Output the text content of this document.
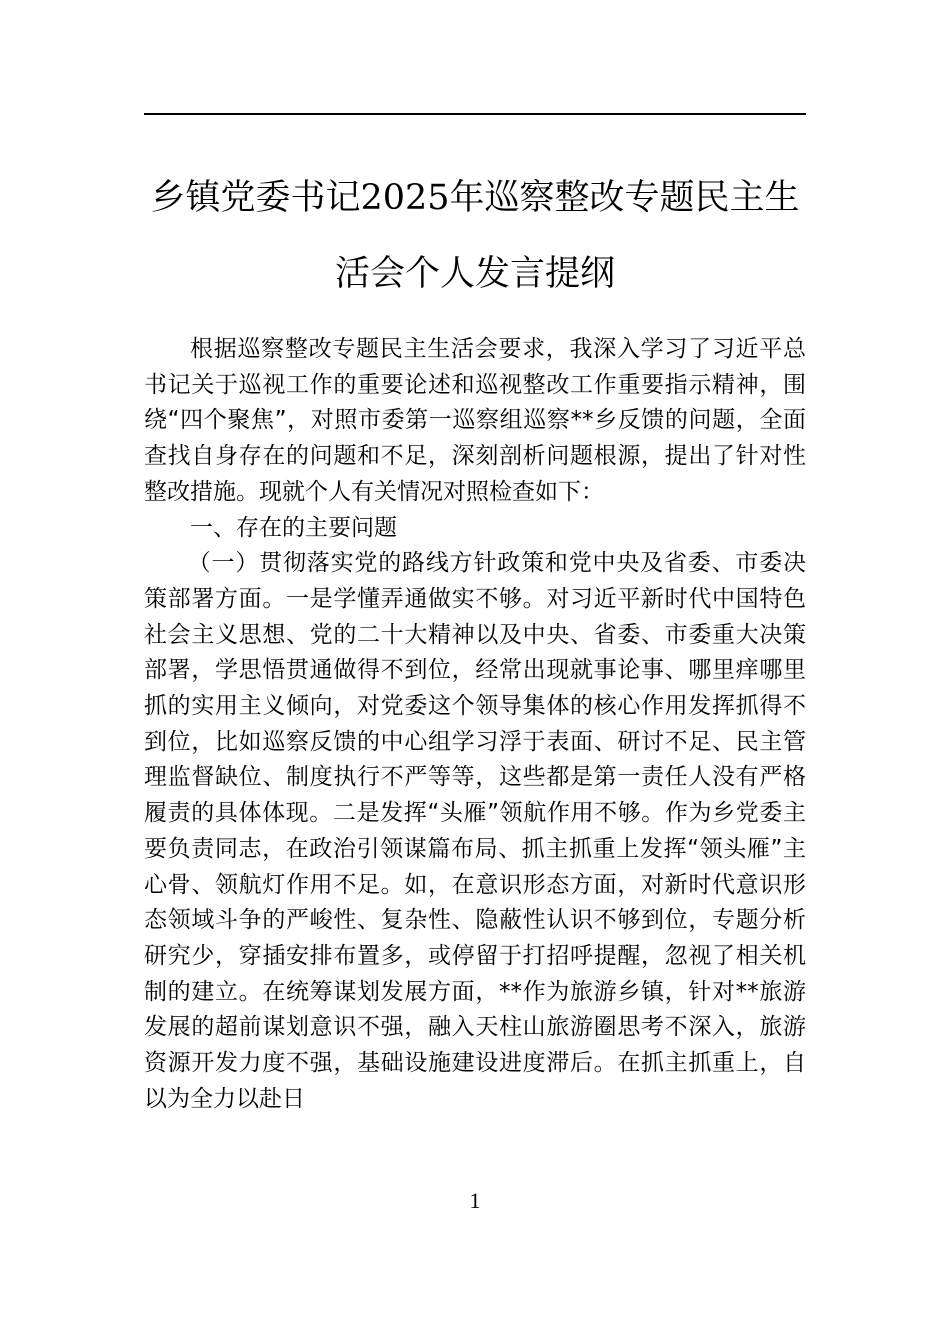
乡镇党委书记2025年巡察整改专题民主生
活会个人发言提纲

根据巡察整改专题民主生活会要求，我深入学习了习近平总书记关于巡视工作的重要论述和巡视整改工作重要指示精神，围绕“四个聚焦”，对照市委第一巡察组巡察**乡反馈的问题，全面查找自身存在的问题和不足，深刻剖析问题根源，提出了针对性整改措施。现就个人有关情况对照检查如下：

一、存在的主要问题

（一）贯彻落实党的路线方针政策和党中央及省委、市委决策部署方面。一是学懂弄通做实不够。对习近平新时代中国特色社会主义思想、党的二十大精神以及中央、省委、市委重大决策部署，学思悟贯通做得不到位，经常出现就事论事、哪里痒哪里抓的实用主义倾向，对党委这个领导集体的核心作用发挥抓得不到位，比如巡察反馈的中心组学习浮于表面、研讨不足、民主管理监督缺位、制度执行不严等等，这些都是第一责任人没有严格履责的具体体现。二是发挥“头雁”领航作用不够。作为乡党委主要负责同志，在政治引领谋篇布局、抓主抓重上发挥“领头雁”主心骨、领航灯作用不足。如，在意识形态方面，对新时代意识形态领域斗争的严峻性、复杂性、隐蔽性认识不够到位，专题分析研究少，穿插安排布置多，或停留于打招呼提醒，忽视了相关机制的建立。在统筹谋划发展方面，**作为旅游乡镇，针对**旅游发展的超前谋划意识不强，融入天柱山旅游圈思考不深入，旅游资源开发力度不强，基础设施建设进度滞后。在抓主抓重上，自以为全力以赴日

1
